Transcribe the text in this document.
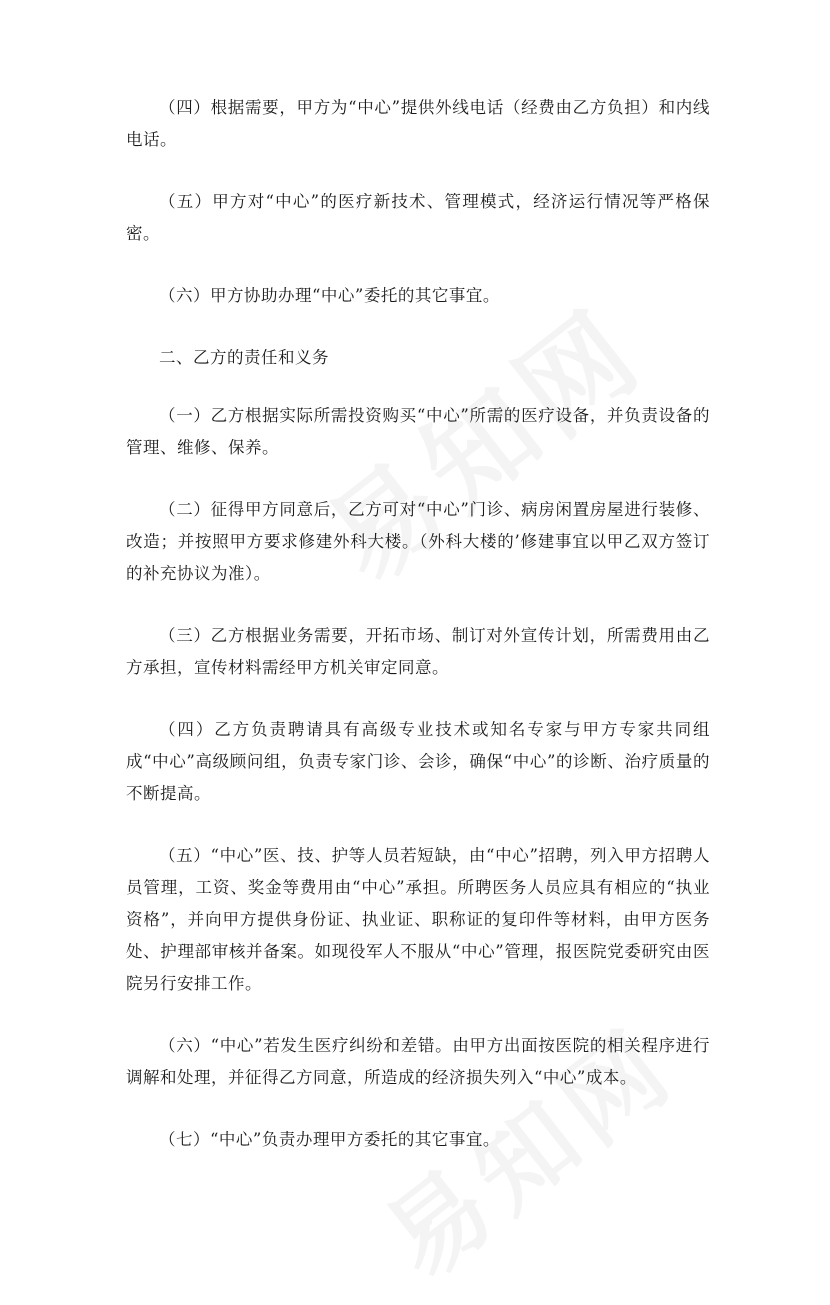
（四）根据需要，甲方为“中心”提供外线电话（经费由乙方负担）和内线电话。

（五）甲方对“中心”的医疗新技术、管理模式，经济运行情况等严格保密。

（六）甲方协助办理“中心”委托的其它事宜。

二、乙方的责任和义务

（一）乙方根据实际所需投资购买“中心”所需的医疗设备，并负责设备的管理、维修、保养。

（二）征得甲方同意后，乙方可对“中心”门诊、病房闲置房屋进行装修、改造；并按照甲方要求修建外科大楼。（外科大楼的’修建事宜以甲乙双方签订的补充协议为准）。

（三）乙方根据业务需要，开拓市场、制订对外宣传计划，所需费用由乙方承担，宣传材料需经甲方机关审定同意。

（四）乙方负责聘请具有高级专业技术或知名专家与甲方专家共同组成“中心”高级顾问组，负责专家门诊、会诊，确保“中心”的诊断、治疗质量的不断提高。

（五）“中心”医、技、护等人员若短缺，由“中心”招聘，列入甲方招聘人员管理，工资、奖金等费用由“中心”承担。所聘医务人员应具有相应的“执业资格”，并向甲方提供身份证、执业证、职称证的复印件等材料，由甲方医务处、护理部审核并备案。如现役军人不服从“中心”管理，报医院党委研究由医院另行安排工作。

（六）“中心”若发生医疗纠纷和差错。由甲方出面按医院的相关程序进行调解和处理，并征得乙方同意，所造成的经济损失列入“中心”成本。

（七）“中心”负责办理甲方委托的其它事宜。
